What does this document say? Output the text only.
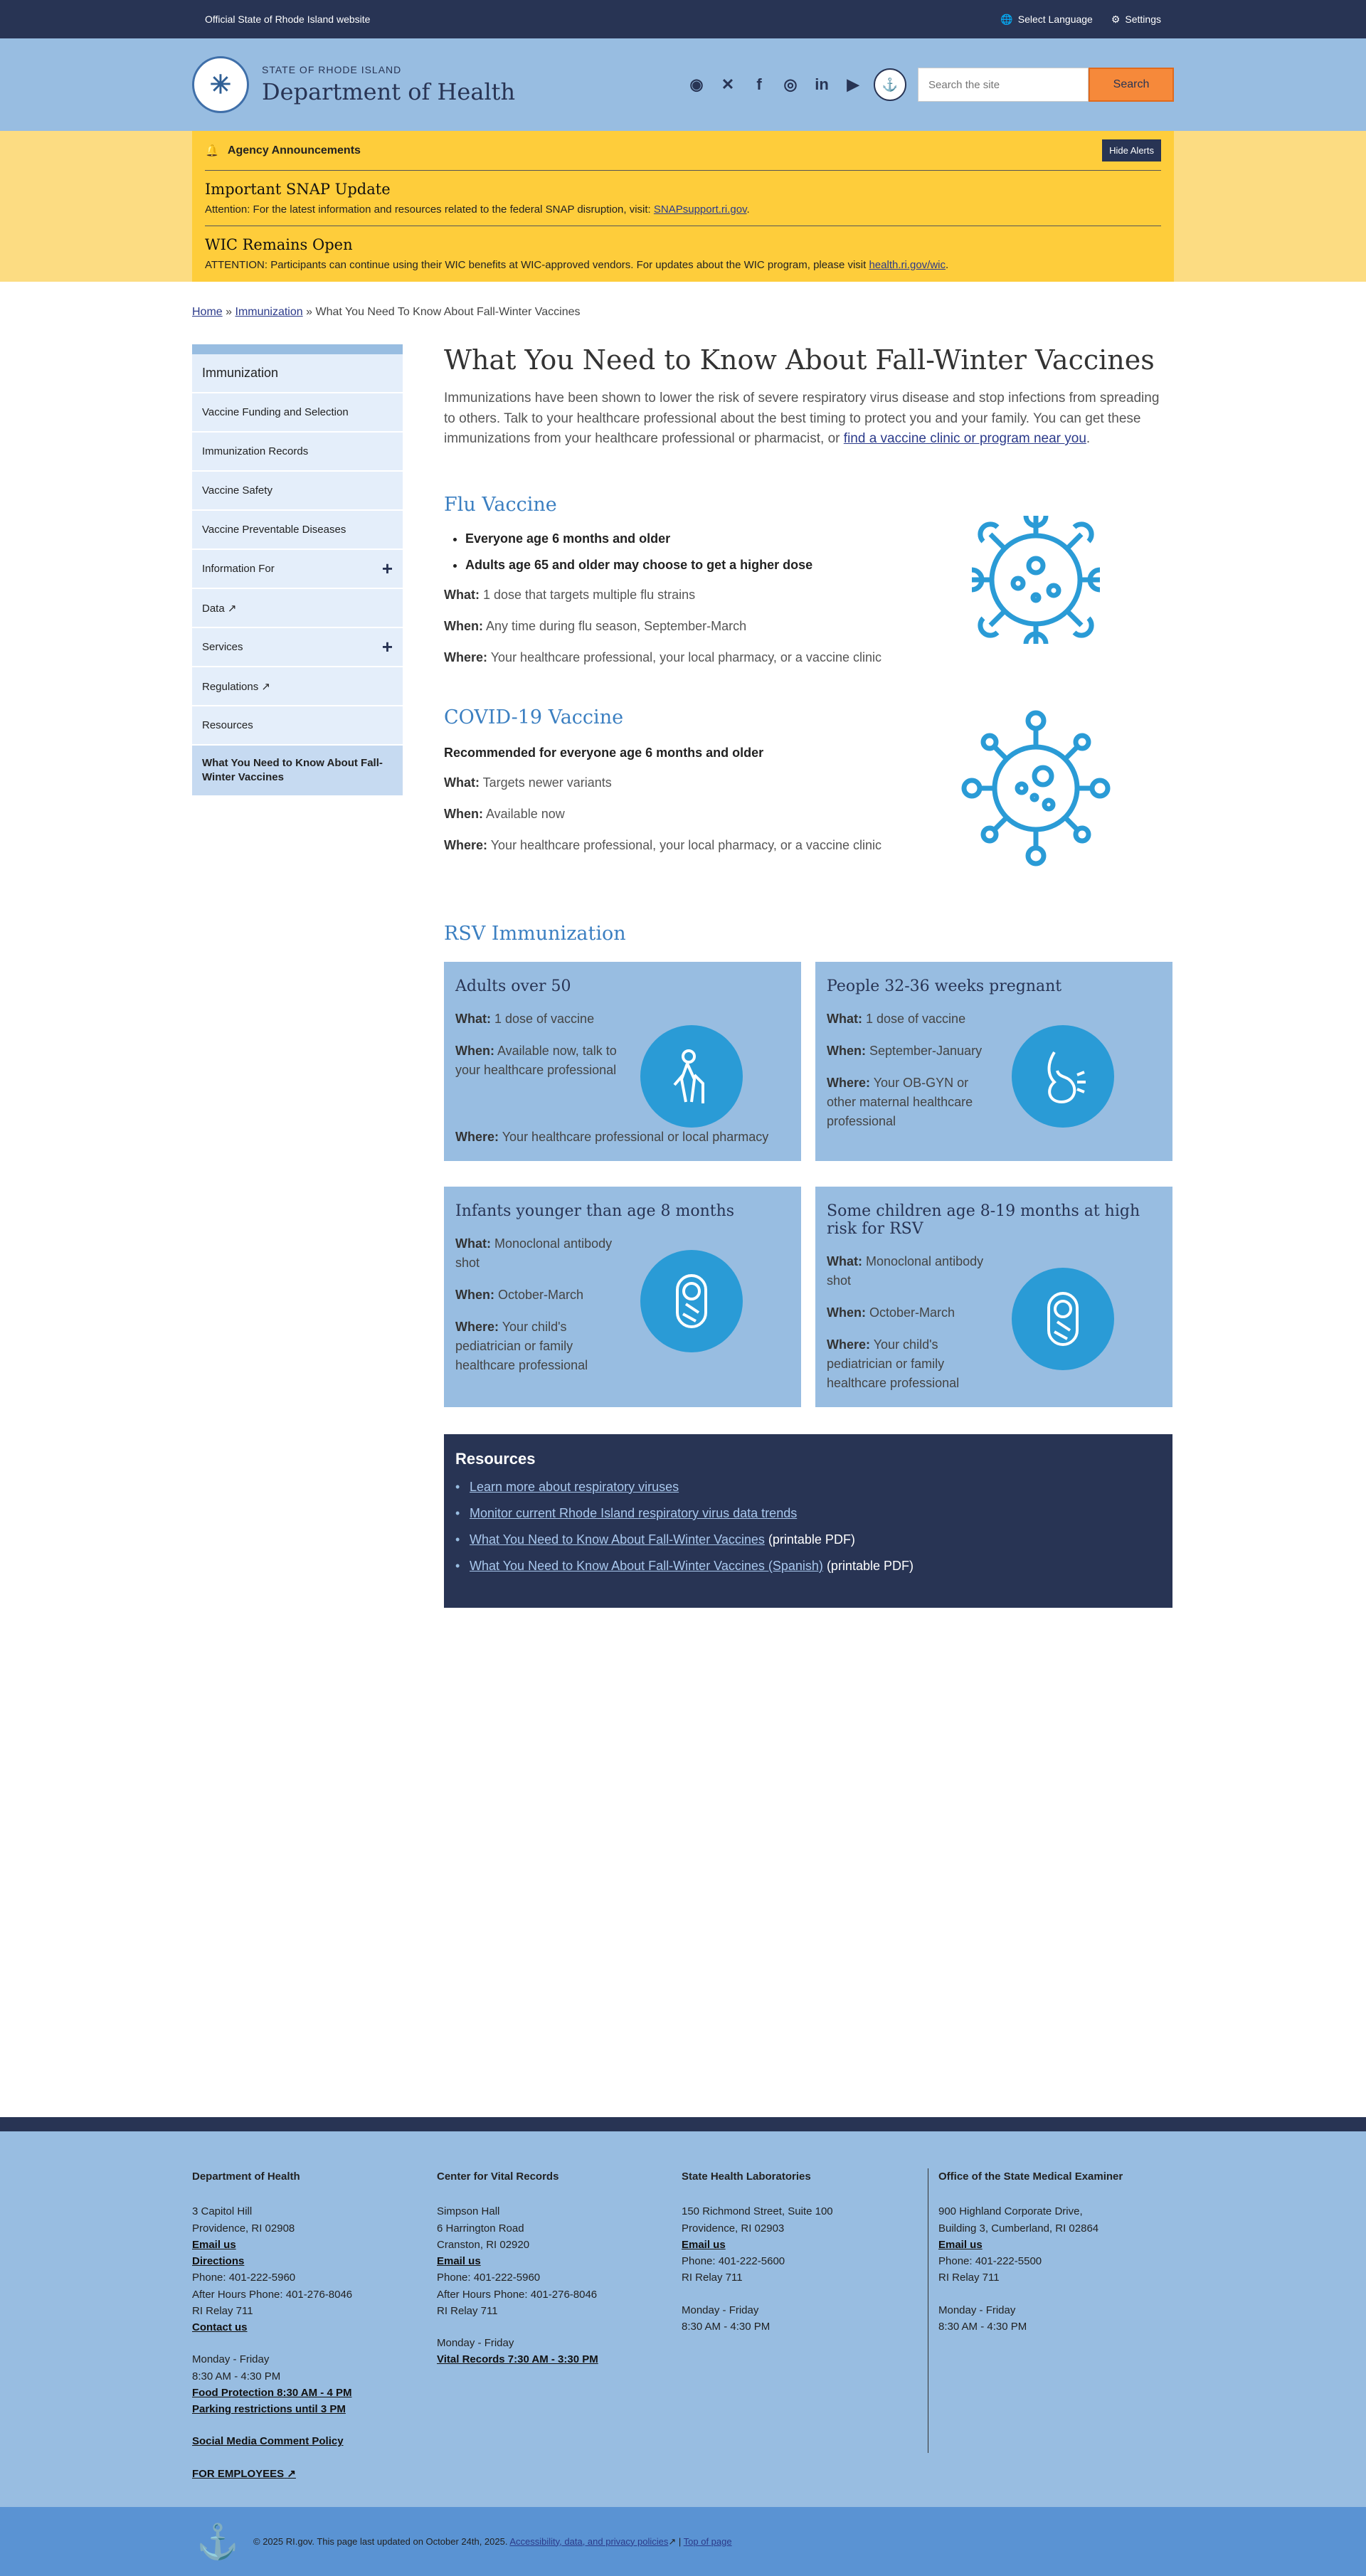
Official State of Rhode Island website	🌐 Select Language ⚙ Settings
✳	STATE OF RHODE ISLAND
Department of Health	◉ ✕	f	◎ in ▶	⚓
Search the site	Search
🔔 Agency Announcements	Hide Alerts
Important SNAP Update

Attention: For the latest information and resources related to the federal SNAP disruption, visit: SNAPsupport.ri.gov.

WIC Remains Open

ATTENTION: Participants can continue using their WIC benefits at WIC-approved vendors. For updates about the WIC program, please visit health.ri.gov/wic.

Home » Immunization » What You Need To Know About Fall-Winter Vaccines
Immunization
Vaccine Funding and Selection
Immunization Records
Vaccine Safety
Vaccine Preventable Diseases
Information For	+
Data ↗
Services	+
Regulations ↗
Resources
What You Need to Know About Fall-Winter Vaccines
What You Need to Know About Fall-Winter Vaccines

Immunizations have been shown to lower the risk of severe respiratory virus disease and stop infections from spreading to others. Talk to your healthcare professional about the best timing to protect you and your family. You can get these immunizations from your healthcare professional or pharmacist, or find a vaccine clinic or program near you.

Flu Vaccine
• Everyone age 6 months and older
• Adults age 65 and older may choose to get a higher dose

What: 1 dose that targets multiple flu strains

When: Any time during flu season, September-March

Where: Your healthcare professional, your local pharmacy, or a vaccine clinic

COVID-19 Vaccine

Recommended for everyone age 6 months and older

What: Targets newer variants

When: Available now

Where: Your healthcare professional, your local pharmacy, or a vaccine clinic

RSV Immunization
Adults over 50

What: 1 dose of vaccine

When: Available now, talk to your healthcare professional

Where: Your healthcare professional or local pharmacy

People 32-36 weeks pregnant

What: 1 dose of vaccine

When: September-January

Where: Your OB-GYN or other maternal healthcare professional

Infants younger than age 8 months

What: Monoclonal antibody shot

When: October-March

Where: Your child's pediatrician or family healthcare professional

Some children age 8-19 months at high risk for RSV

What: Monoclonal antibody shot

When: October-March

Where: Your child's pediatrician or family healthcare professional

Resources
• Learn more about respiratory viruses
• Monitor current Rhode Island respiratory virus data trends
• What You Need to Know About Fall-Winter Vaccines (printable PDF)
• What You Need to Know About Fall-Winter Vaccines (Spanish) (printable PDF)
Department of Health
3 Capitol Hill
Providence, RI 02908
Email us
Directions
Phone: 401-222-5960
After Hours Phone: 401-276-8046
RI Relay 711
Contact us
Monday - Friday
8:30 AM - 4:30 PM
Food Protection 8:30 AM - 4 PM
Parking restrictions until 3 PM
Social Media Comment Policy
FOR EMPLOYEES ↗
Center for Vital Records
Simpson Hall
6 Harrington Road
Cranston, RI 02920
Email us
Phone: 401-222-5960
After Hours Phone: 401-276-8046
RI Relay 711
Monday - Friday
Vital Records 7:30 AM - 3:30 PM
State Health Laboratories
150 Richmond Street, Suite 100
Providence, RI 02903
Email us
Phone: 401-222-5600
RI Relay 711
Monday - Friday
8:30 AM - 4:30 PM
Office of the State Medical Examiner
900 Highland Corporate Drive,
Building 3, Cumberland, RI 02864
Email us
Phone: 401-222-5500
RI Relay 711
Monday - Friday
8:30 AM - 4:30 PM
⚓	© 2025 RI.gov. This page last updated on October 24th, 2025. Accessibility, data, and privacy policies↗ | Top of page
